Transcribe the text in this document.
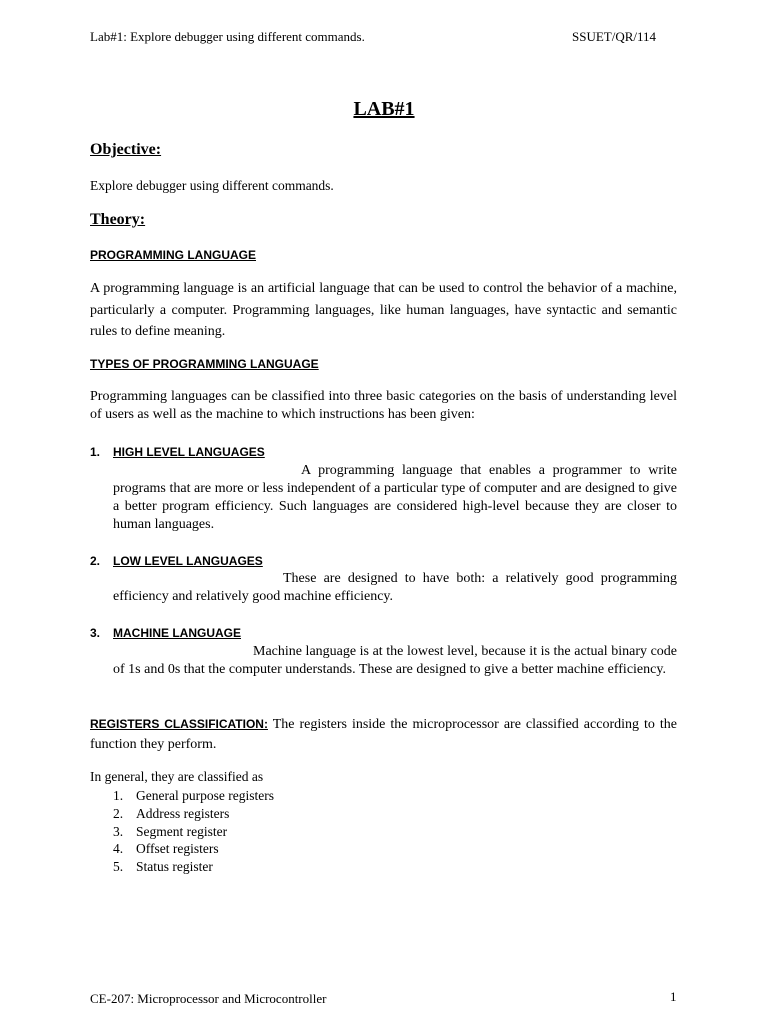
Lab#1: Explore debugger using different commands.	SSUET/QR/114
LAB#1
Objective:
Explore debugger using different commands.
Theory:
PROGRAMMING LANGUAGE
A programming language is an artificial language that can be used to control the behavior of a machine, particularly a computer. Programming languages, like human languages, have syntactic and semantic rules to define meaning.
TYPES OF PROGRAMMING LANGUAGE
Programming languages can be classified into three basic categories on the basis of understanding level of users as well as the machine to which instructions has been given:
1. HIGH LEVEL LANGUAGES
A programming language that enables a programmer to write programs that are more or less independent of a particular type of computer and are designed to give a better program efficiency. Such languages are considered high-level because they are closer to human languages.
2. LOW LEVEL LANGUAGES
These are designed to have both: a relatively good programming efficiency and relatively good machine efficiency.
3. MACHINE LANGUAGE
Machine language is at the lowest level, because it is the actual binary code of 1s and 0s that the computer understands. These are designed to give a better machine efficiency.
REGISTERS CLASSIFICATION: The registers inside the microprocessor are classified according to the function they perform.
In general, they are classified as
1. General purpose registers
2. Address registers
3. Segment register
4. Offset registers
5. Status register
CE-207: Microprocessor and Microcontroller	1
